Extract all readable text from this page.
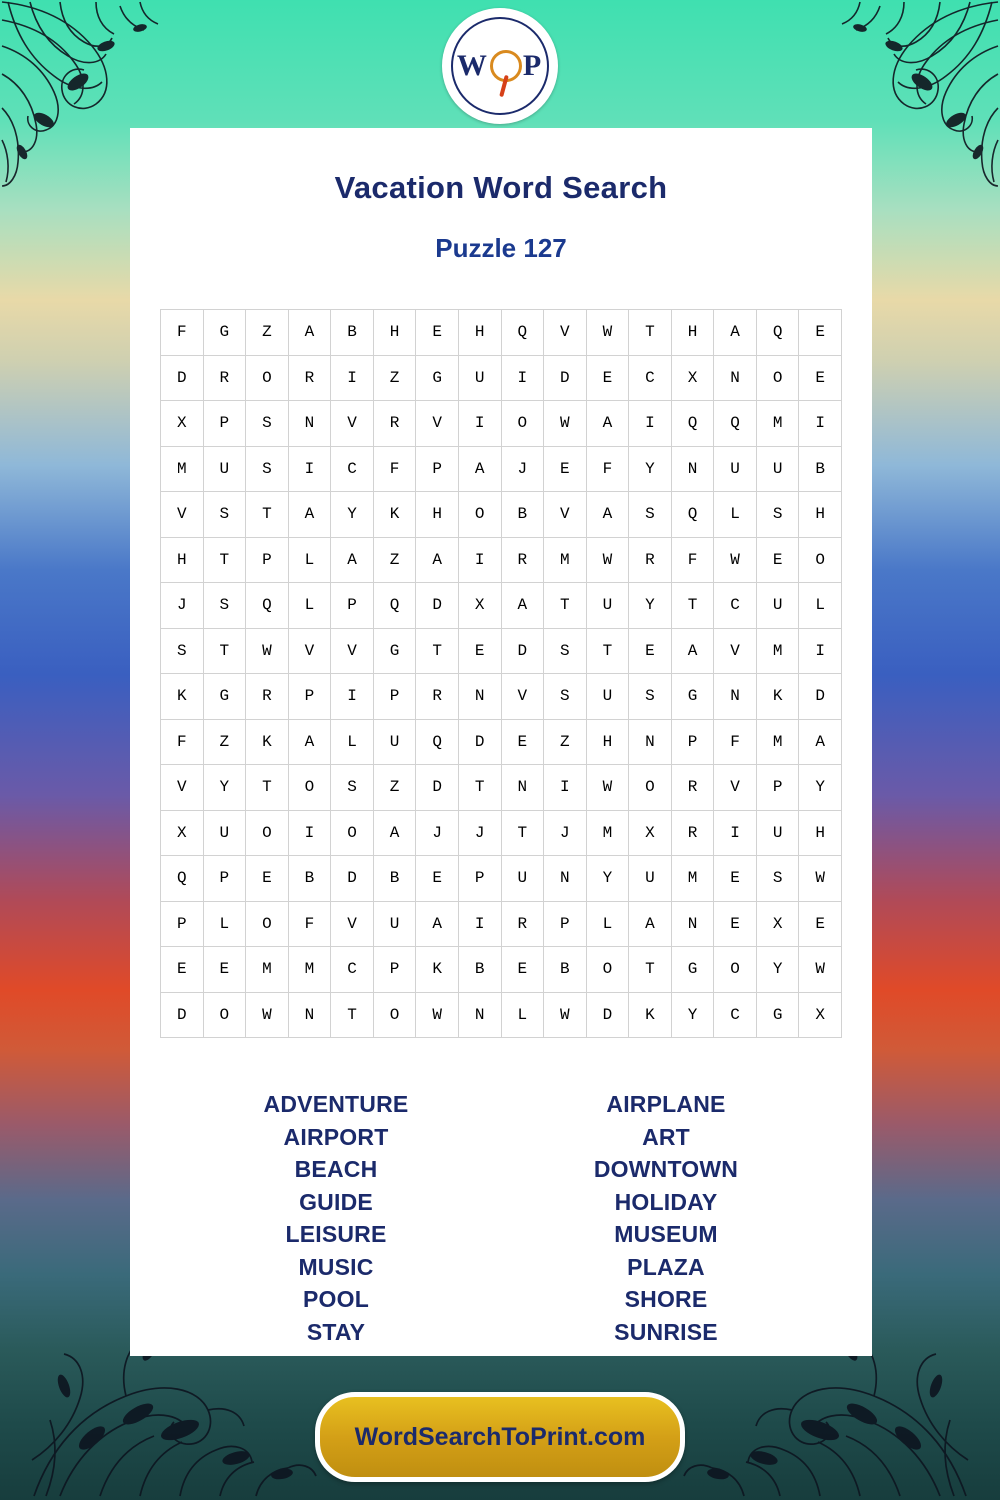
W P
Vacation Word Search
Puzzle 127
F	G	Z	A	B	H	E	H	Q	V	W	T	H	A	Q	E
D	R	O	R	I	Z	G	U	I	D	E	C	X	N	O	E
X	P	S	N	V	R	V	I	O	W	A	I	Q	Q	M	I
M	U	S	I	C	F	P	A	J	E	F	Y	N	U	U	B
V	S	T	A	Y	K	H	O	B	V	A	S	Q	L	S	H
H	T	P	L	A	Z	A	I	R	M	W	R	F	W	E	O
J	S	Q	L	P	Q	D	X	A	T	U	Y	T	C	U	L
S	T	W	V	V	G	T	E	D	S	T	E	A	V	M	I
K	G	R	P	I	P	R	N	V	S	U	S	G	N	K	D
F	Z	K	A	L	U	Q	D	E	Z	H	N	P	F	M	A
V	Y	T	O	S	Z	D	T	N	I	W	O	R	V	P	Y
X	U	O	I	O	A	J	J	T	J	M	X	R	I	U	H
Q	P	E	B	D	B	E	P	U	N	Y	U	M	E	S	W
P	L	O	F	V	U	A	I	R	P	L	A	N	E	X	E
E	E	M	M	C	P	K	B	E	B	O	T	G	O	Y	W
D	O	W	N	T	O	W	N	L	W	D	K	Y	C	G	X
ADVENTURE
AIRPORT
BEACH
GUIDE
LEISURE
MUSIC
POOL
STAY
AIRPLANE
ART
DOWNTOWN
HOLIDAY
MUSEUM
PLAZA
SHORE
SUNRISE
WordSearchToPrint.com
